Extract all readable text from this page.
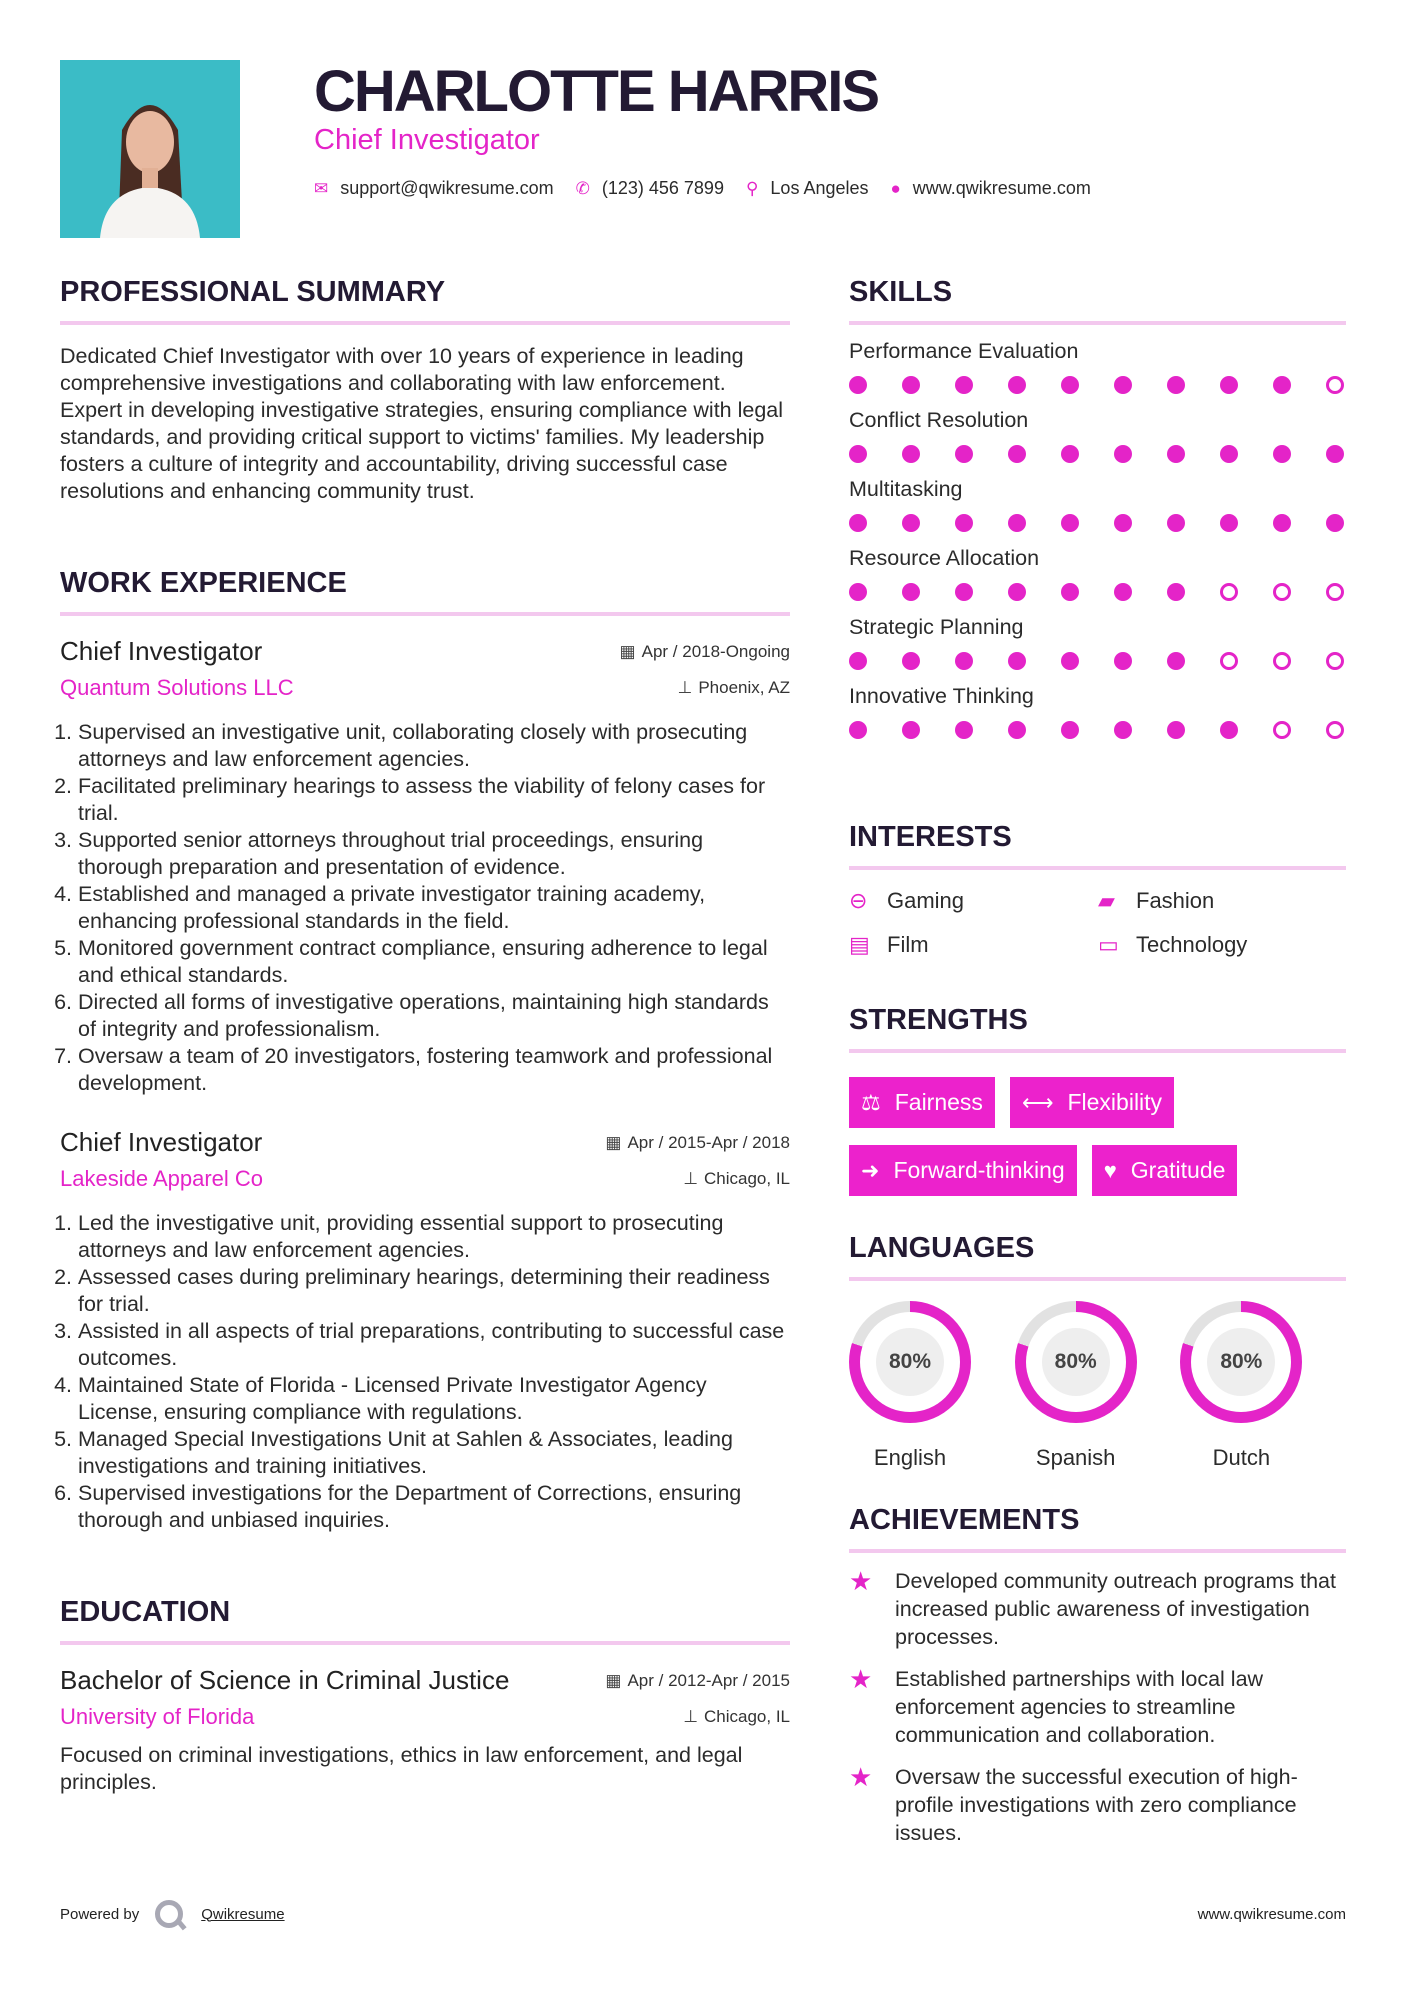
CHARLOTTE HARRIS
Chief Investigator
✉ support@qwikresume.com ✆ (123) 456 7899 ⚲ Los Angeles ● www.qwikresume.com
PROFESSIONAL SUMMARY
Dedicated Chief Investigator with over 10 years of experience in leading comprehensive investigations and collaborating with law enforcement. Expert in developing investigative strategies, ensuring compliance with legal standards, and providing critical support to victims' families. My leadership fosters a culture of integrity and accountability, driving successful case resolutions and enhancing community trust.
WORK EXPERIENCE
Chief Investigator	▦ Apr / 2018-Ongoing
Quantum Solutions LLC	⊥ Phoenix, AZ
1. Supervised an investigative unit, collaborating closely with prosecuting attorneys and law enforcement agencies.
2. Facilitated preliminary hearings to assess the viability of felony cases for trial.
3. Supported senior attorneys throughout trial proceedings, ensuring thorough preparation and presentation of evidence.
4. Established and managed a private investigator training academy, enhancing professional standards in the field.
5. Monitored government contract compliance, ensuring adherence to legal and ethical standards.
6. Directed all forms of investigative operations, maintaining high standards of integrity and professionalism.
7. Oversaw a team of 20 investigators, fostering teamwork and professional development.
Chief Investigator	▦ Apr / 2015-Apr / 2018
Lakeside Apparel Co	⊥ Chicago, IL
1. Led the investigative unit, providing essential support to prosecuting attorneys and law enforcement agencies.
2. Assessed cases during preliminary hearings, determining their readiness for trial.
3. Assisted in all aspects of trial preparations, contributing to successful case outcomes.
4. Maintained State of Florida - Licensed Private Investigator Agency License, ensuring compliance with regulations.
5. Managed Special Investigations Unit at Sahlen & Associates, leading investigations and training initiatives.
6. Supervised investigations for the Department of Corrections, ensuring thorough and unbiased inquiries.
EDUCATION
Bachelor of Science in Criminal Justice	▦ Apr / 2012-Apr / 2015
University of Florida	⊥ Chicago, IL
Focused on criminal investigations, ethics in law enforcement, and legal principles.
SKILLS
Performance Evaluation
Conflict Resolution
Multitasking
Resource Allocation
Strategic Planning
Innovative Thinking
INTERESTS
⊖ Gaming	▰ Fashion
▤ Film	▭ Technology
STRENGTHS
⚖ Fairness ⟷ Flexibility
➜ Forward-thinking ♥ Gratitude
LANGUAGES
80%
English
80%
Spanish
80%
Dutch
ACHIEVEMENTS
★	Developed community outreach programs that increased public awareness of investigation processes.
★	Established partnerships with local law enforcement agencies to streamline communication and collaboration.
★	Oversaw the successful execution of high-profile investigations with zero compliance issues.
Powered by	Qwikresume	www.qwikresume.com
